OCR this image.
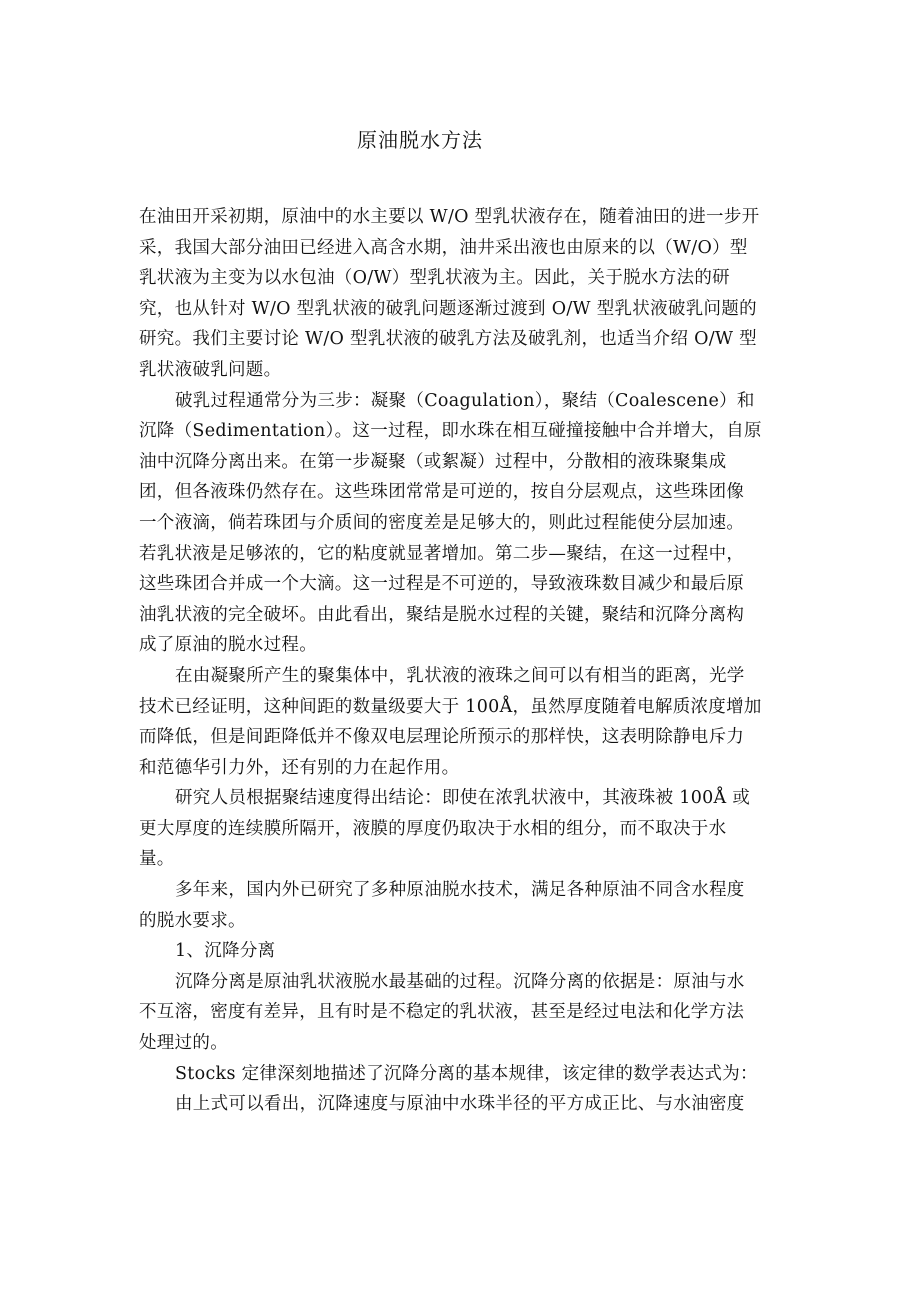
原油脱水方法

在油田开采初期，原油中的水主要以 W/O 型乳状液存在，随着油田的进一步开
采，我国大部分油田已经进入高含水期，油井采出液也由原来的以（W/O）型
乳状液为主变为以水包油（O/W）型乳状液为主。因此，关于脱水方法的研
究，也从针对 W/O 型乳状液的破乳问题逐渐过渡到 O/W 型乳状液破乳问题的
研究。我们主要讨论 W/O 型乳状液的破乳方法及破乳剂，也适当介绍 O/W 型
乳状液破乳问题。

破乳过程通常分为三步：凝聚（Coagulation），聚结（Coalescene）和
沉降（Sedimentation）。这一过程，即水珠在相互碰撞接触中合并增大，自原
油中沉降分离出来。在第一步凝聚（或絮凝）过程中，分散相的液珠聚集成
团，但各液珠仍然存在。这些珠团常常是可逆的，按自分层观点，这些珠团像
一个液滴，倘若珠团与介质间的密度差是足够大的，则此过程能使分层加速。
若乳状液是足够浓的，它的粘度就显著增加。第二步—聚结，在这一过程中，
这些珠团合并成一个大滴。这一过程是不可逆的，导致液珠数目减少和最后原
油乳状液的完全破坏。由此看出，聚结是脱水过程的关键，聚结和沉降分离构
成了原油的脱水过程。

在由凝聚所产生的聚集体中，乳状液的液珠之间可以有相当的距离，光学
技术已经证明，这种间距的数量级要大于 100Å，虽然厚度随着电解质浓度增加
而降低，但是间距降低并不像双电层理论所预示的那样快，这表明除静电斥力
和范德华引力外，还有别的力在起作用。

研究人员根据聚结速度得出结论：即使在浓乳状液中，其液珠被 100Å 或
更大厚度的连续膜所隔开，液膜的厚度仍取决于水相的组分，而不取决于水
量。

多年来，国内外已研究了多种原油脱水技术，满足各种原油不同含水程度
的脱水要求。

1、沉降分离

沉降分离是原油乳状液脱水最基础的过程。沉降分离的依据是：原油与水
不互溶，密度有差异，且有时是不稳定的乳状液，甚至是经过电法和化学方法
处理过的。

Stocks 定律深刻地描述了沉降分离的基本规律，该定律的数学表达式为：

由上式可以看出，沉降速度与原油中水珠半径的平方成正比、与水油密度
